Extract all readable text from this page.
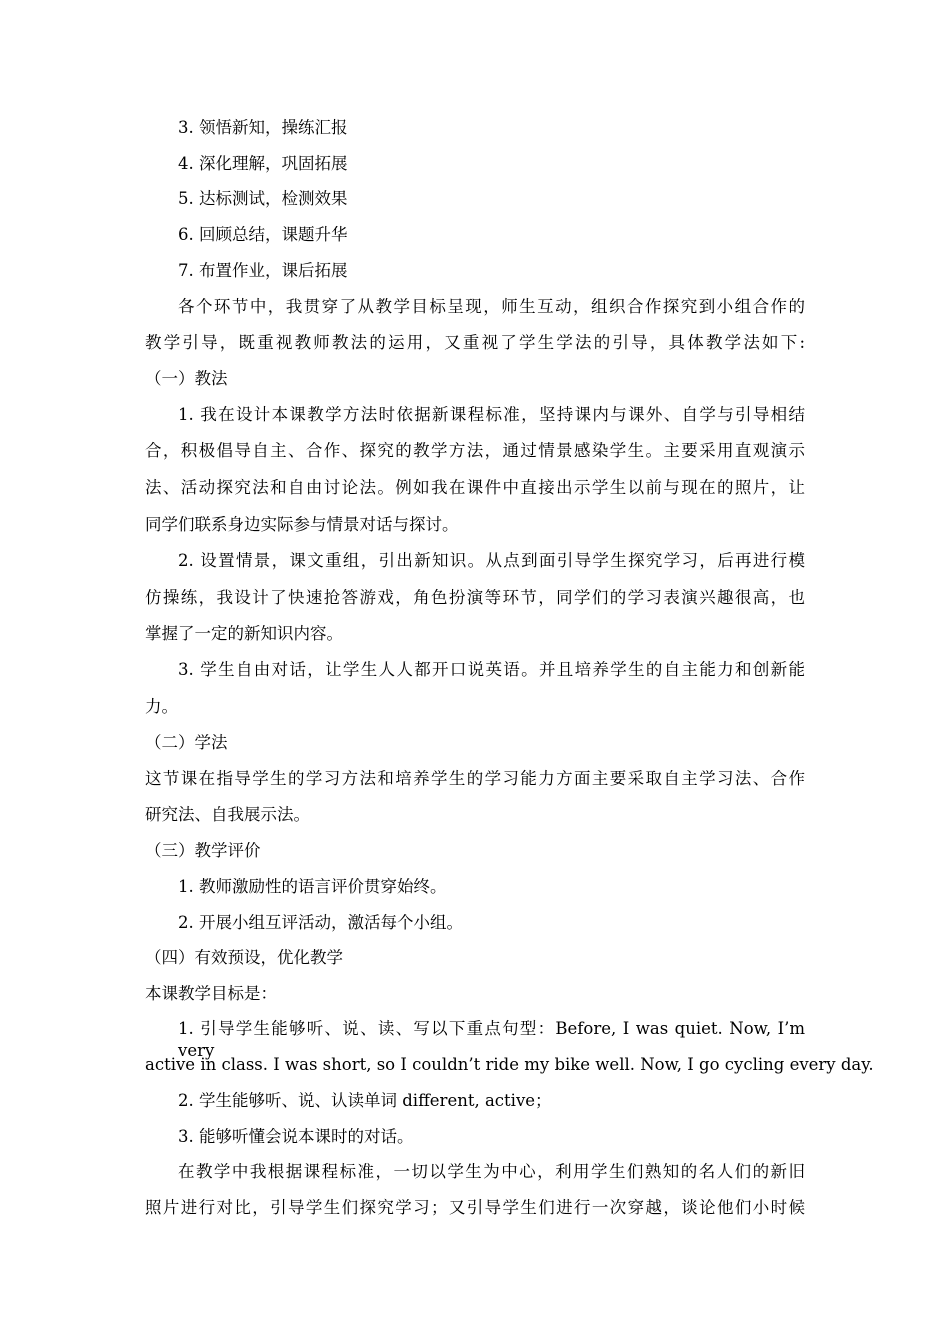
3. 领悟新知，操练汇报
4. 深化理解，巩固拓展
5. 达标测试，检测效果
6. 回顾总结，课题升华
7. 布置作业，课后拓展
各个环节中，我贯穿了从教学目标呈现，师生互动，组织合作探究到小组合作的
教学引导，既重视教师教法的运用，又重视了学生学法的引导，具体教学法如下:
（一）教法
1. 我在设计本课教学方法时依据新课程标准，坚持课内与课外、自学与引导相结
合，积极倡导自主、合作、探究的教学方法，通过情景感染学生。主要采用直观演示
法、活动探究法和自由讨论法。例如我在课件中直接出示学生以前与现在的照片，让
同学们联系身边实际参与情景对话与探讨。
2. 设置情景，课文重组，引出新知识。从点到面引导学生探究学习，后再进行模
仿操练，我设计了快速抢答游戏，角色扮演等环节，同学们的学习表演兴趣很高，也
掌握了一定的新知识内容。
3. 学生自由对话，让学生人人都开口说英语。并且培养学生的自主能力和创新能
力。
（二）学法
这节课在指导学生的学习方法和培养学生的学习能力方面主要采取自主学习法、合作
研究法、自我展示法。
（三）教学评价
1. 教师激励性的语言评价贯穿始终。
2. 开展小组互评活动，激活每个小组。
（四）有效预设，优化教学
本课教学目标是：
1. 引导学生能够听、说、读、写以下重点句型：Before, I was quiet. Now, I’m very
active in class. I was short, so I couldn’t ride my bike well. Now, I go cycling every day.
2. 学生能够听、说、认读单词 different, active；
3. 能够听懂会说本课时的对话。
在教学中我根据课程标准，一切以学生为中心，利用学生们熟知的名人们的新旧
照片进行对比，引导学生们探究学习；又引导学生们进行一次穿越，谈论他们小时候
